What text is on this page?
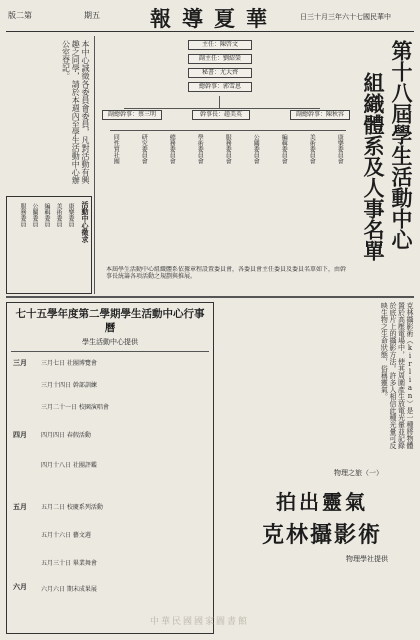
版二第	期五 報導夏華	日三十月三年六十七國民華中
本中心誠徵各委員會委員，凡對活動有興趣之同學，請於本週內至學生活動中心辦公室登記。
活動中心徵求
康樂委員
美術委員
編輯委員
公關委員
服務委員	第十八屆學生活動中心
組織體系及人事名單
主任：陳啓文
副主任：劉紹榮
秘書：尤大齊
總幹事：郭雪恩
副總幹事：蔡三明	幹事長：趙美英	副總幹事：陳秋容
康樂委員會
美術委員會
編輯委員會
公關委員會
服務委員會
學術委員會
總務委員會
研究委員會
同性質社團
本屆學生活動中心組織體系依據章程設置委員會，各委員會主任委員及委員名單如下，由幹事長統籌各項活動之規劃與推展。
七十五學年度第二學期學生活動中心行事曆
學生活動中心提供
三月
四月
五月
六月
三月七日 社團博覽會
三月十四日 幹部訓練
三月二十一日 校園演唱會
四月四日 春假活動
四月十八日 社團評鑑
五月二日 校慶系列活動
五月十六日 藝文週
五月三十日 畢業舞會
六月六日 期末成果展
克林攝影術（kirlian）是一種將物體置於高壓電場中，使其周圍產生放電光暈並記錄於底片上的攝影方法。許多人相信此種光暈可反映生物之生命狀態，俗稱靈氣。
物理之旅（一）
拍出靈氣
克林攝影術
物理學社提供
中華民國國家圖書館
